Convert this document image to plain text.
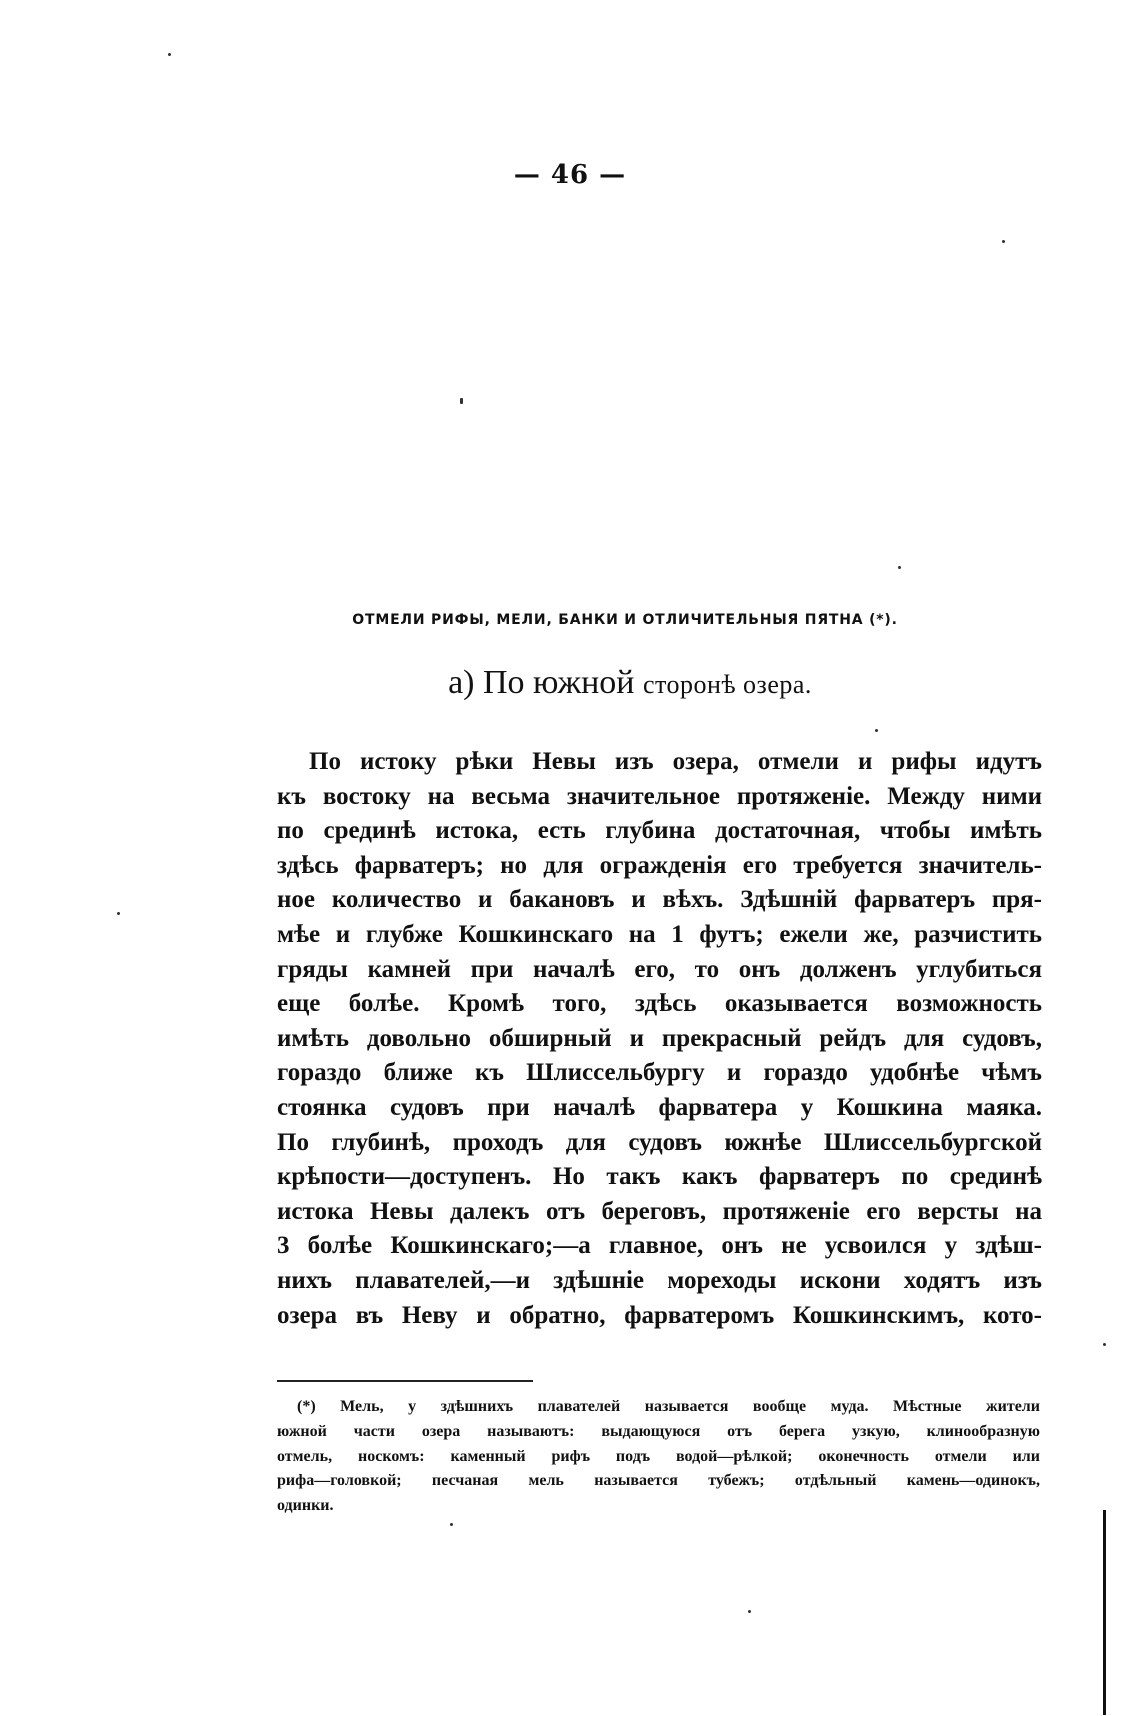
— 46 —
ОТМЕЛИ РИФЫ, МЕЛИ, БАНКИ И ОТЛИЧИТЕЛЬНЫЯ ПЯТНА (*).
а) По южной сторонѣ озера.
По истоку рѣки Невы изъ озера, отмели и рифы идутъ
къ востоку на весьма значительное протяженіе. Между ними
по срединѣ истока, есть глубина достаточная, чтобы имѣть
здѣсь фарватеръ; но для огражденія его требуется значитель-
ное количество и бакановъ и вѣхъ. Здѣшній фарватеръ пря-
мѣе и глубже Кошкинскаго на 1 футъ; ежели же, разчистить
гряды камней при началѣ его, то онъ долженъ углубиться
еще болѣе. Кромѣ того, здѣсь оказывается возможность
имѣть довольно обширный и прекрасный рейдъ для судовъ,
гораздо ближе къ Шлиссельбургу и гораздо удобнѣе чѣмъ
стоянка судовъ при началѣ фарватера у Кошкина маяка.
По глубинѣ, проходъ для судовъ южнѣе Шлиссельбургской
крѣпости—доступенъ. Но такъ какъ фарватеръ по срединѣ
истока Невы далекъ отъ береговъ, протяженіе его версты на
3 болѣе Кошкинскаго;—а главное, онъ не усвоился у здѣш-
нихъ плавателей,—и здѣшніе мореходы искони ходятъ изъ
озера въ Неву и обратно, фарватеромъ Кошкинскимъ, кото-
(*) Мель, у здѣшнихъ плавателей называется вообще муда. Мѣстные жители
южной части озера называютъ: выдающуюся отъ берега узкую, клинообразную
отмель, носкомъ: каменный рифъ подъ водой—рѣлкой; оконечность отмели или
рифа—головкой; песчаная мель называется тубежъ; отдѣльный камень—одинокъ,
одинки.
